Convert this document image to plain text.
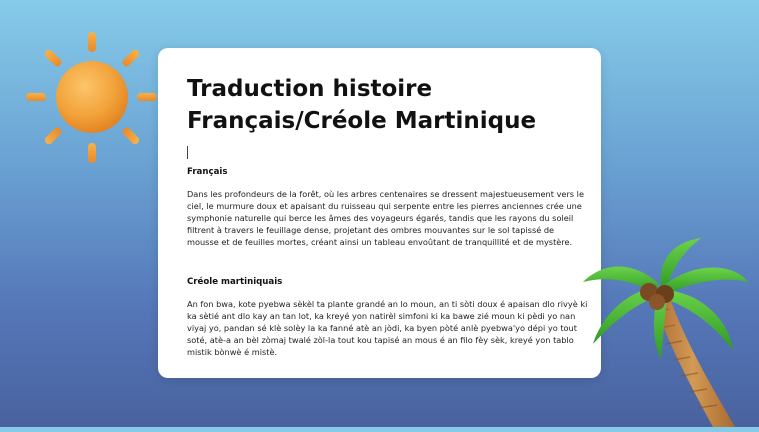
Traduction histoire
Français/Créole Martinique
Français

Dans les profondeurs de la forêt, où les arbres centenaires se dressent majestueusement vers le
ciel, le murmure doux et apaisant du ruisseau qui serpente entre les pierres anciennes crée une
symphonie naturelle qui berce les âmes des voyageurs égarés, tandis que les rayons du soleil
filtrent à travers le feuillage dense, projetant des ombres mouvantes sur le sol tapissé de
mousse et de feuilles mortes, créant ainsi un tableau envoûtant de tranquillité et de mystère.

Créole martiniquais

An fon bwa, kote pyebwa sèkèl ta plante grandé an lo moun, an ti sòti doux é apaisan dlo rivyè ki
ka sètié ant dlo kay an tan lot, ka kreyé yon natirèl simfoni ki ka bawe zié moun ki pèdi yo nan
viyaj yo, pandan sé klè solèy la ka fanné atè an jòdi, ka byen pòté anlè pyebwa'yo dépi yo tout
soté, atè-a an bèl zòmaj twalé zòl-la tout kou tapisé an mous é an filo fèy sèk, kreyé yon tablo
mistik bònwè é mistè.
